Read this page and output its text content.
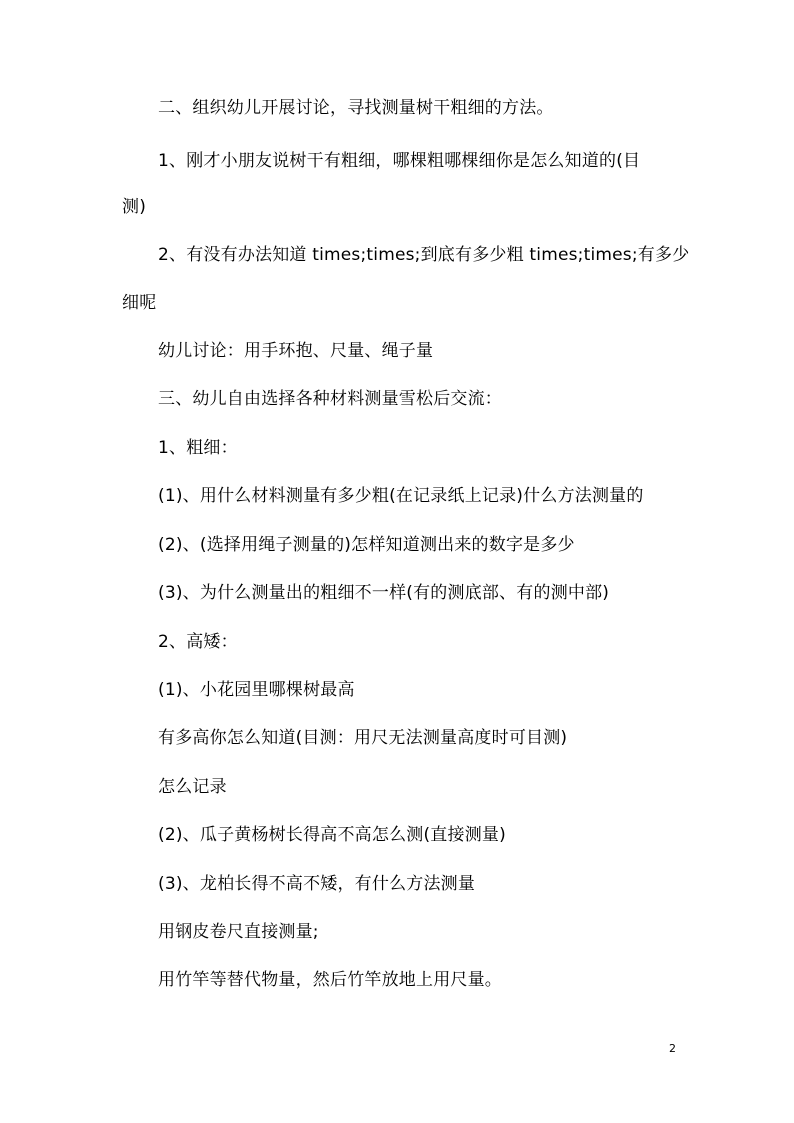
二、组织幼儿开展讨论，寻找测量树干粗细的方法。
1、刚才小朋友说树干有粗细，哪棵粗哪棵细你是怎么知道的(目
测)
2、有没有办法知道 times;times;到底有多少粗 times;times;有多少
细呢
幼儿讨论：用手环抱、尺量、绳子量
三、幼儿自由选择各种材料测量雪松后交流：
1、粗细：
(1)、用什么材料测量有多少粗(在记录纸上记录)什么方法测量的
(2)、(选择用绳子测量的)怎样知道测出来的数字是多少
(3)、为什么测量出的粗细不一样(有的测底部、有的测中部)
2、高矮：
(1)、小花园里哪棵树最高
有多高你怎么知道(目测：用尺无法测量高度时可目测)
怎么记录
(2)、瓜子黄杨树长得高不高怎么测(直接测量)
(3)、龙柏长得不高不矮，有什么方法测量
用钢皮卷尺直接测量;
用竹竿等替代物量，然后竹竿放地上用尺量。
2
